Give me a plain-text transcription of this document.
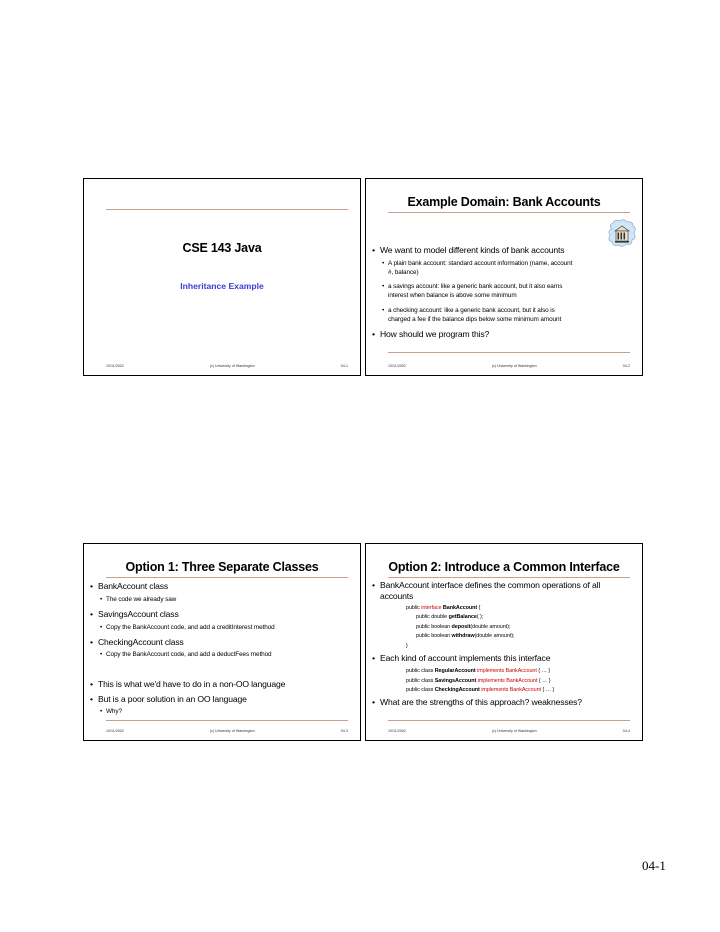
CSE 143 Java
Inheritance Example
10/11/2002	(c) University of Washington	04-1
Example Domain: Bank Accounts
• We want to model different kinds of bank accounts
• A plain bank account: standard account information (name, account
#, balance)
• a savings account: like a generic bank account, but it also earns
interest when balance is above some minimum
• a checking account: like a generic bank account, but it also is
charged a fee if the balance dips below some minimum amount
• How should we program this?
10/11/2002	(c) University of Washington	04-2
Option 1: Three Separate Classes
• BankAccount class
• The code we already saw
• SavingsAccount class
• Copy the BankAccount code, and add a creditInterest method
• CheckingAccount class
• Copy the BankAccount code, and add a deductFees method
• This is what we'd have to do in a non-OO language
• But is a poor solution in an OO language
• Why?
10/11/2002	(c) University of Washington	04-3
Option 2: Introduce a Common Interface
• BankAccount interface defines the common operations of all
accounts
public interface BankAccount {
public double getBalance( );
public boolean deposit(double amount);
public boolean withdraw(double amount);
}
• Each kind of account implements this interface
public class RegularAccount implements BankAccount { … }
public class SavingsAccount implements BankAccount { … }
public class CheckingAccount implements BankAccount { … }
• What are the strengths of this approach? weaknesses?
10/11/2002	(c) University of Washington	04-4
04-1
